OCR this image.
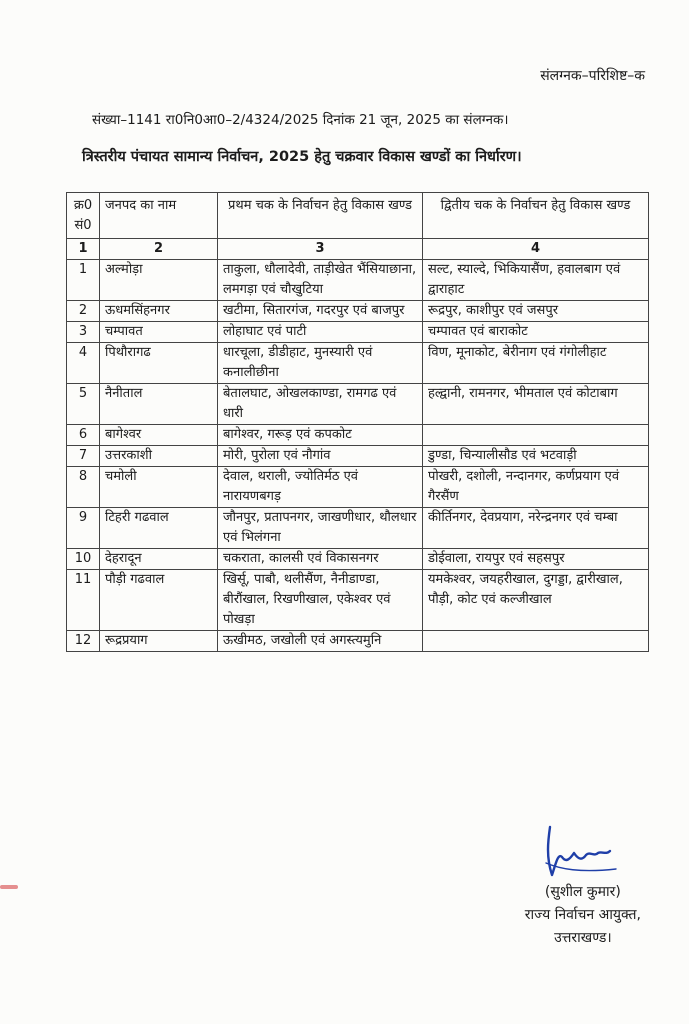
संलग्नक–परिशिष्ट–क
संख्या–1141 रा0नि0आ0–2/4324/2025 दिनांक 21 जून, 2025 का संलग्नक।
त्रिस्तरीय पंचायत सामान्य निर्वाचन, 2025 हेतु चक्रवार विकास खण्डों का निर्धारण।
क्र0 सं0	जनपद का नाम	प्रथम चक के निर्वाचन हेतु विकास खण्ड	द्वितीय चक के निर्वाचन हेतु विकास खण्ड
1	2	3	4
1	अल्मोड़ा	ताकुला, धौलादेवी, ताड़ीखेत भैंसियाछाना, लमगड़ा एवं चौखुटिया	सल्ट, स्याल्दे, भिकियासैंण, हवालबाग एवं द्वाराहाट
2	ऊधमसिंहनगर	खटीमा, सितारगंज, गदरपुर एवं बाजपुर	रूद्रपुर, काशीपुर एवं जसपुर
3	चम्पावत	लोहाघाट एवं पाटी	चम्पावत एवं बाराकोट
4	पिथौरागढ	धारचूला, डीडीहाट, मुनस्यारी एवं कनालीछीना	विण, मूनाकोट, बेरीनाग एवं गंगोलीहाट
5	नैनीताल	बेतालघाट, ओखलकाण्डा, रामगढ एवं धारी	हल्द्वानी, रामनगर, भीमताल एवं कोटाबाग
6	बागेश्वर	बागेश्वर, गरूड़ एवं कपकोट	
7	उत्तरकाशी	मोरी, पुरोला एवं नौगांव	डुण्डा, चिन्यालीसौड एवं भटवाड़ी
8	चमोली	देवाल, थराली, ज्योतिर्मठ एवं नारायणबगड़	पोखरी, दशोली, नन्दानगर, कर्णप्रयाग एवं गैरसैंण
9	टिहरी गढवाल	जौनपुर, प्रतापनगर, जाखणीधार, थौलधार एवं भिलंगना	कीर्तिनगर, देवप्रयाग, नरेन्द्रनगर एवं चम्बा
10	देहरादून	चकराता, कालसी एवं विकासनगर	डोईवाला, रायपुर एवं सहसपुर
11	पौड़ी गढवाल	खिर्सू, पाबौ, थलीसैंण, नैनीडाण्डा, बीरौंखाल, रिखणीखाल, एकेश्वर एवं पोखड़ा	यमकेश्वर, जयहरीखाल, दुगड्डा, द्वारीखाल, पौड़ी, कोट एवं कल्जीखाल
12	रूद्रप्रयाग	ऊखीमठ, जखोली एवं अगस्त्यमुनि	
(सुशील कुमार)
राज्य निर्वाचन आयुक्त,
उत्तराखण्ड।
